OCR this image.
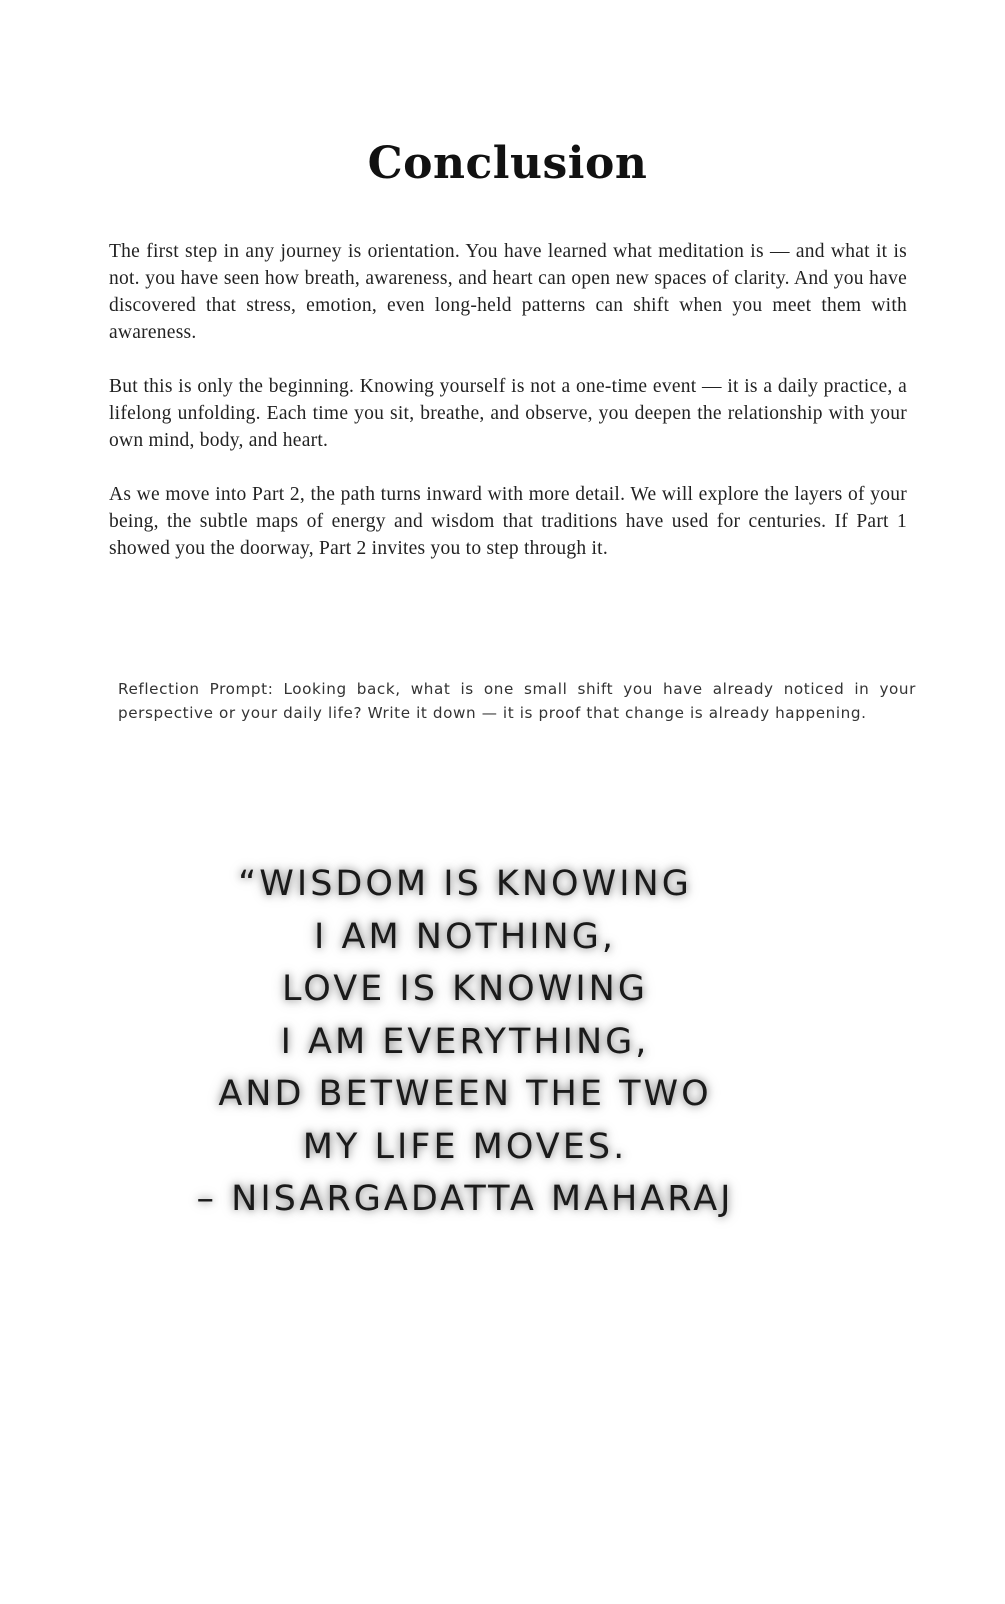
Conclusion

The first step in any journey is orientation. You have learned what meditation is — and what it is not. you have seen how breath, awareness, and heart can open new spaces of clarity. And you have discovered that stress, emotion, even long-held patterns can shift when you meet them with awareness.

But this is only the beginning. Knowing yourself is not a one-time event — it is a daily practice, a lifelong unfolding. Each time you sit, breathe, and observe, you deepen the relationship with your own mind, body, and heart.

As we move into Part 2, the path turns inward with more detail. We will explore the layers of your being, the subtle maps of energy and wisdom that traditions have used for centuries. If Part 1 showed you the doorway, Part 2 invites you to step through it.

Reflection Prompt: Looking back, what is one small shift you have already noticed in your perspective or your daily life? Write it down — it is proof that change is already happening.

“WISDOM IS KNOWING
I AM NOTHING,
LOVE IS KNOWING
I AM EVERYTHING,
AND BETWEEN THE TWO
MY LIFE MOVES.
– NISARGADATTA MAHARAJ
